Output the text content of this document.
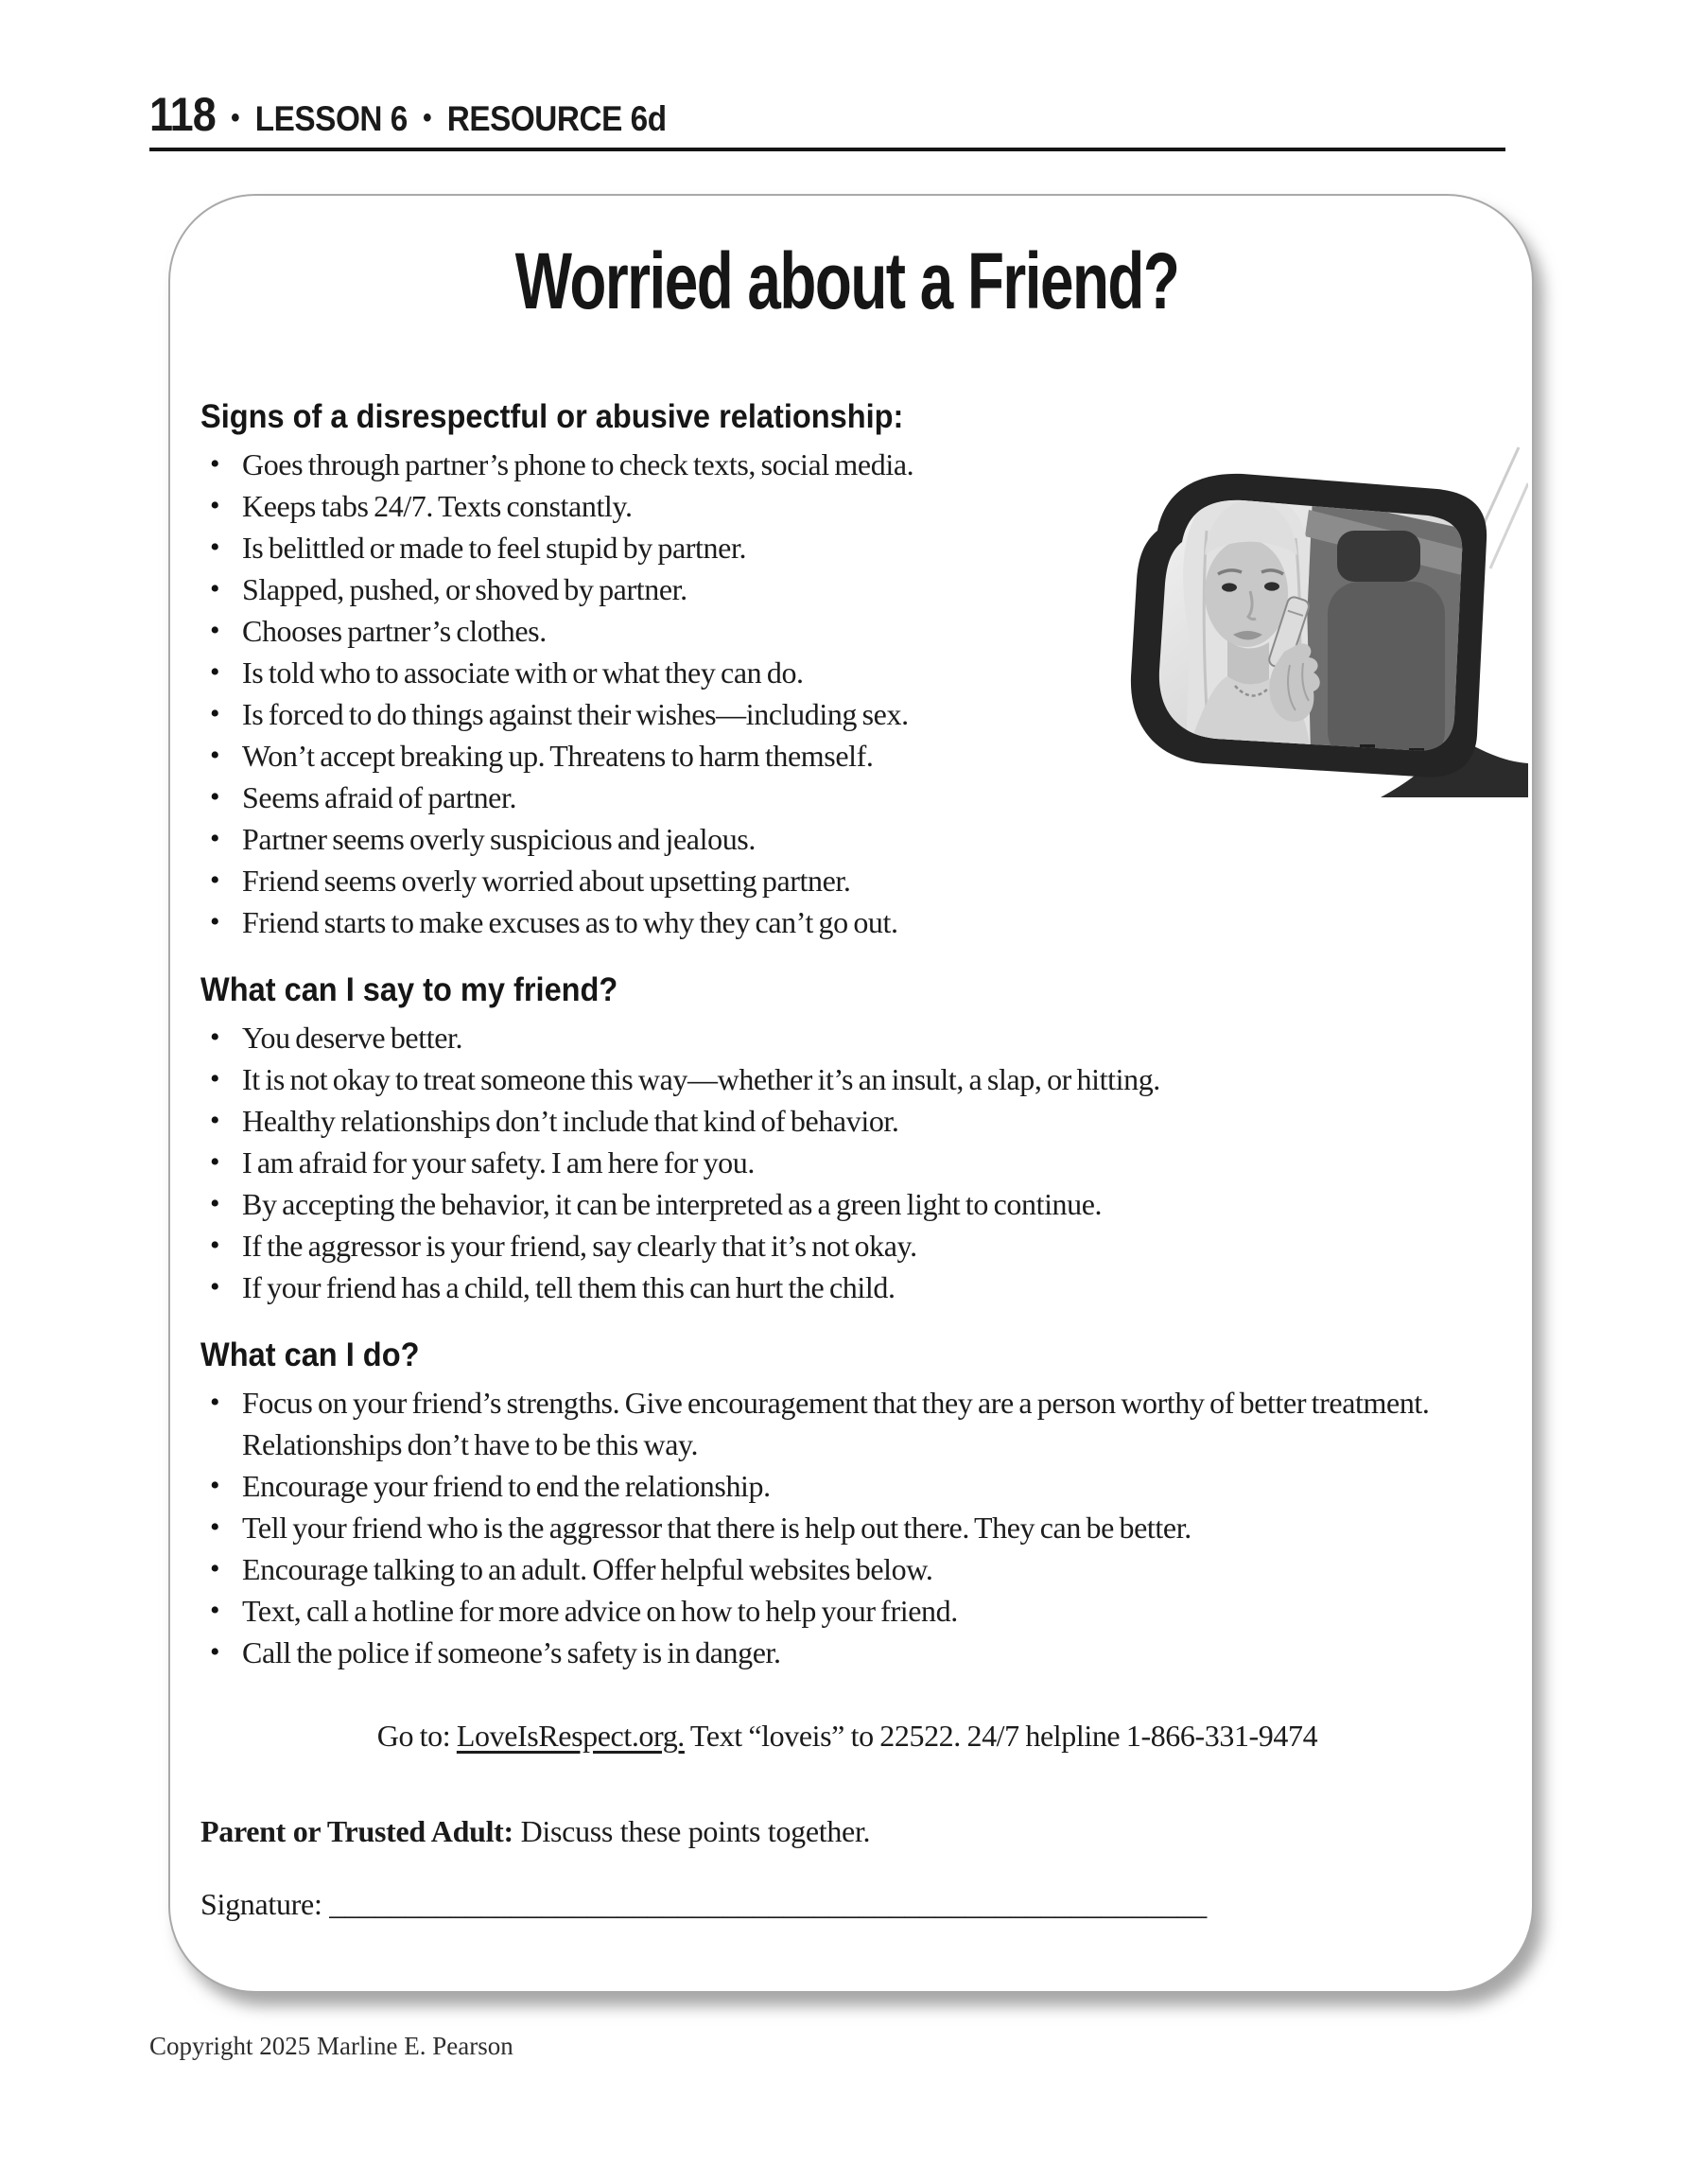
118 • LESSON 6 • RESOURCE 6d
Worried about a Friend?
Signs of a disrespectful or abusive relationship:
• Goes through partner’s phone to check texts, social media.
• Keeps tabs 24/7. Texts constantly.
• Is belittled or made to feel stupid by partner.
• Slapped, pushed, or shoved by partner.
• Chooses partner’s clothes.
• Is told who to associate with or what they can do.
• Is forced to do things against their wishes—including sex.
• Won’t accept breaking up. Threatens to harm themself.
• Seems afraid of partner.
• Partner seems overly suspicious and jealous.
• Friend seems overly worried about upsetting partner.
• Friend starts to make excuses as to why they can’t go out.
What can I say to my friend?
• You deserve better.
• It is not okay to treat someone this way—whether it’s an insult, a slap, or hitting.
• Healthy relationships don’t include that kind of behavior.
• I am afraid for your safety. I am here for you.
• By accepting the behavior, it can be interpreted as a green light to continue.
• If the aggressor is your friend, say clearly that it’s not okay.
• If your friend has a child, tell them this can hurt the child.
What can I do?
• Focus on your friend’s strengths. Give encouragement that they are a person worthy of better treatment. Relationships don’t have to be this way.
• Encourage your friend to end the relationship.
• Tell your friend who is the aggressor that there is help out there. They can be better.
• Encourage talking to an adult. Offer helpful websites below.
• Text, call a hotline for more advice on how to help your friend.
• Call the police if someone’s safety is in danger.

Go to: LoveIsRespect.org. Text “loveis” to 22522. 24/7 helpline 1-866-331-9474

Parent or Trusted Adult: Discuss these points together.

Signature: __________________________________________________________

Copyright 2025 Marline E. Pearson
